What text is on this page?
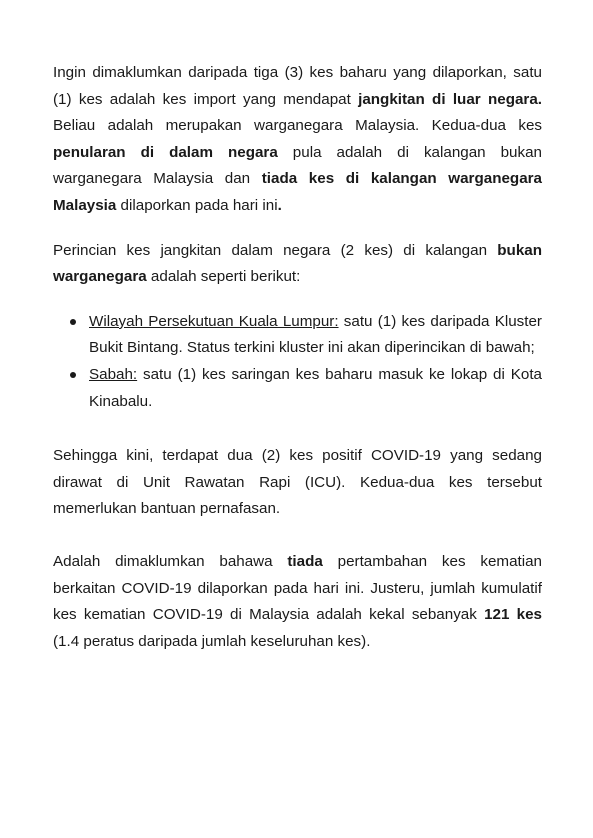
Ingin dimaklumkan daripada tiga (3) kes baharu yang dilaporkan, satu (1) kes adalah kes import yang mendapat jangkitan di luar negara. Beliau adalah merupakan warganegara Malaysia. Kedua-dua kes penularan di dalam negara pula adalah di kalangan bukan warganegara Malaysia dan tiada kes di kalangan warganegara Malaysia dilaporkan pada hari ini.

Perincian kes jangkitan dalam negara (2 kes) di kalangan bukan warganegara adalah seperti berikut:

Wilayah Persekutuan Kuala Lumpur: satu (1) kes daripada Kluster Bukit Bintang. Status terkini kluster ini akan diperincikan di bawah;
Sabah: satu (1) kes saringan kes baharu masuk ke lokap di Kota Kinabalu.

Sehingga kini, terdapat dua (2) kes positif COVID-19 yang sedang dirawat di Unit Rawatan Rapi (ICU). Kedua-dua kes tersebut memerlukan bantuan pernafasan.

Adalah dimaklumkan bahawa tiada pertambahan kes kematian berkaitan COVID-19 dilaporkan pada hari ini. Justeru, jumlah kumulatif kes kematian COVID-19 di Malaysia adalah kekal sebanyak 121 kes (1.4 peratus daripada jumlah keseluruhan kes).
